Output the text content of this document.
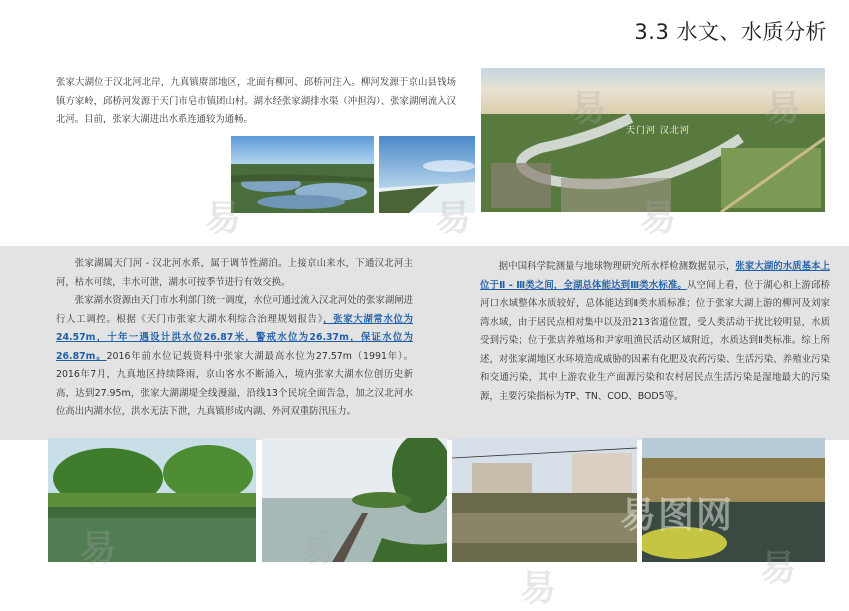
3.3 水文、水质分析

张家大湖位于汉北河北岸，九真镇赓部地区，北面有柳河、邱桥河注入。柳河发源于京山县钱场镇方家岭，邱桥河发源于天门市皂市镇团山村。湖水经张家湖排水渠（冲担沟）、张家湖闸流入汉北河。目前，张家大湖进出水系连通较为通畅。

天门河 汉北河

张家湖属天门河 - 汉北河水系，属于调节性湖泊。上接京山来水，下通汉北河主河，枯水可续，丰水可泄，湖水可按季节进行有效交换。
张家湖水资源由天门市水利部门统一调度，水位可通过流入汉北河处的张家湖闸进行人工调控。根据《天门市张家大湖水利综合治理规划报告》，张家大湖常水位为24.57m，十年一遇设计洪水位26.87米，警戒水位为26.37m，保证水位为26.87m。2016年前水位记载资料中张家大湖最高水位为27.57m（1991年）。2016年7月，九真地区持续降雨，京山客水不断涌入，境内张家大湖水位创历史新高，达到27.95m，张家大湖湖堤全线漫溢，沿线13个民垸全面告急，加之汉北河水位高出内湖水位，洪水无法下泄，九真镇形成内湖、外河双重防汛压力。

据中国科学院测量与地球物理研究所水样检测数据显示，张家大湖的水质基本上位于Ⅱ - Ⅲ类之间，全湖总体能达到Ⅲ类水标准。从空间上看，位于湖心和上游邱桥河口水域整体水质较好，总体能达到Ⅱ类水质标准；位于张家大湖上游的柳河及刘家湾水域，由于居民点相对集中以及沿213省道位置，受人类活动干扰比较明显，水质受到污染；位于张店养殖场和尹家咀渔民活动区域附近，水质达到Ⅱ类标准。综上所述，对张家湖地区水环境造成威胁的因素有化肥及农药污染、生活污染、养殖业污染和交通污染，其中上游农业生产面源污染和农村居民点生活污染是湿地最大的污染源，主要污染指标为TP、TN、COD、BOD5等。

易图网
易	易
易	易	易
易	易
易	易
